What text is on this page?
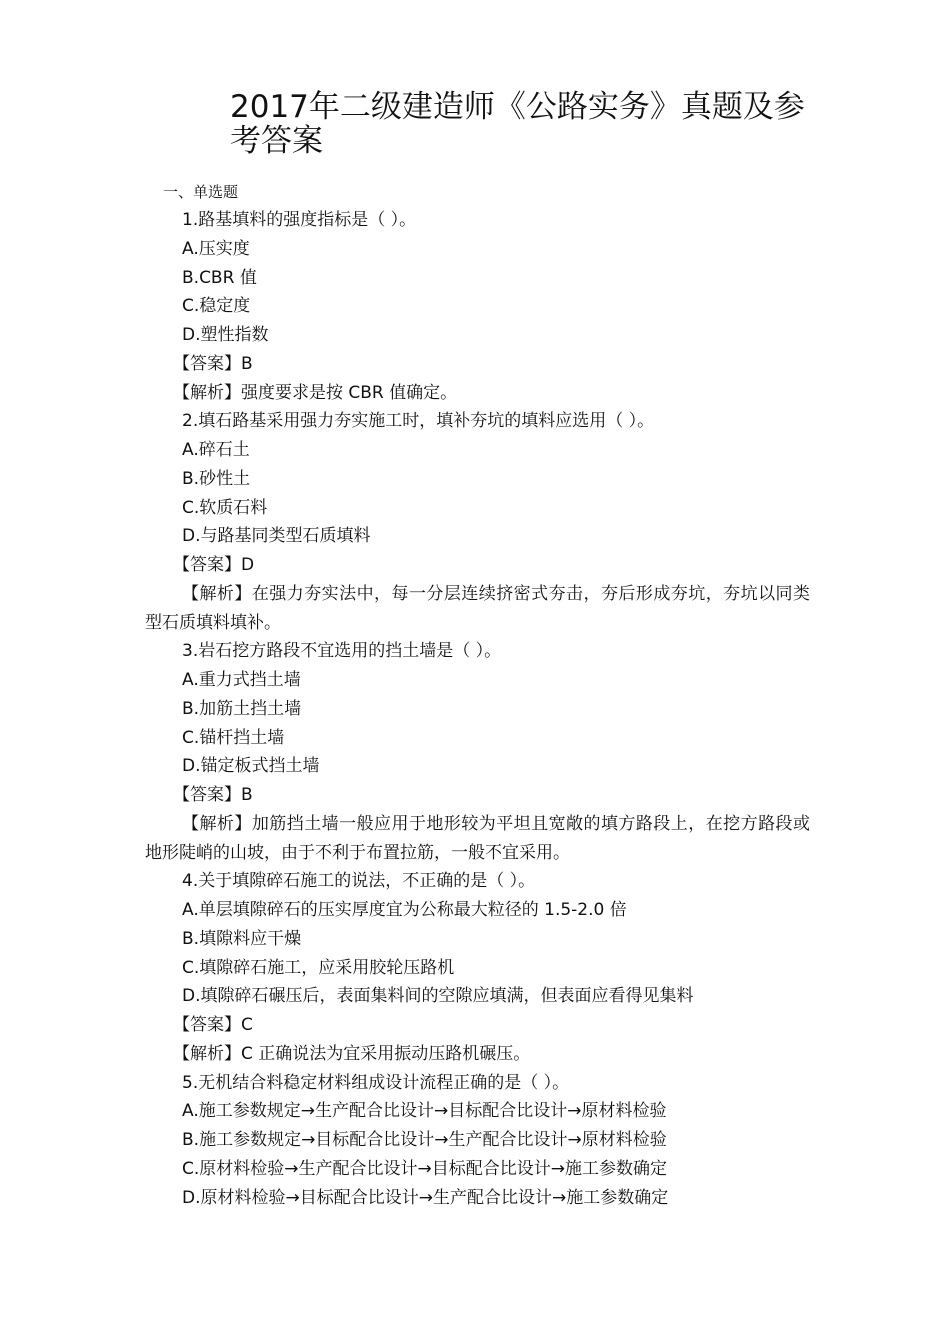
2017年二级建造师《公路实务》真题及参考答案
一、单选题
1.路基填料的强度指标是（ ）。
A.压实度
B.CBR 值
C.稳定度
D.塑性指数
【答案】B
【解析】强度要求是按 CBR 值确定。
2.填石路基采用强力夯实施工时，填补夯坑的填料应选用（ ）。
A.碎石土
B.砂性土
C.软质石料
D.与路基同类型石质填料
【答案】D
【解析】在强力夯实法中，每一分层连续挤密式夯击，夯后形成夯坑，夯坑以同类型石质填料填补。
3.岩石挖方路段不宜选用的挡土墙是（ ）。
A.重力式挡土墙
B.加筋土挡土墙
C.锚杆挡土墙
D.锚定板式挡土墙
【答案】B
【解析】加筋挡土墙一般应用于地形较为平坦且宽敞的填方路段上，在挖方路段或地形陡峭的山坡，由于不利于布置拉筋，一般不宜采用。
4.关于填隙碎石施工的说法，不正确的是（ ）。
A.单层填隙碎石的压实厚度宜为公称最大粒径的 1.5-2.0 倍
B.填隙料应干燥
C.填隙碎石施工，应采用胶轮压路机
D.填隙碎石碾压后，表面集料间的空隙应填满，但表面应看得见集料
【答案】C
【解析】C 正确说法为宜采用振动压路机碾压。
5.无机结合料稳定材料组成设计流程正确的是（ ）。
A.施工参数规定→生产配合比设计→目标配合比设计→原材料检验
B.施工参数规定→目标配合比设计→生产配合比设计→原材料检验
C.原材料检验→生产配合比设计→目标配合比设计→施工参数确定
D.原材料检验→目标配合比设计→生产配合比设计→施工参数确定
